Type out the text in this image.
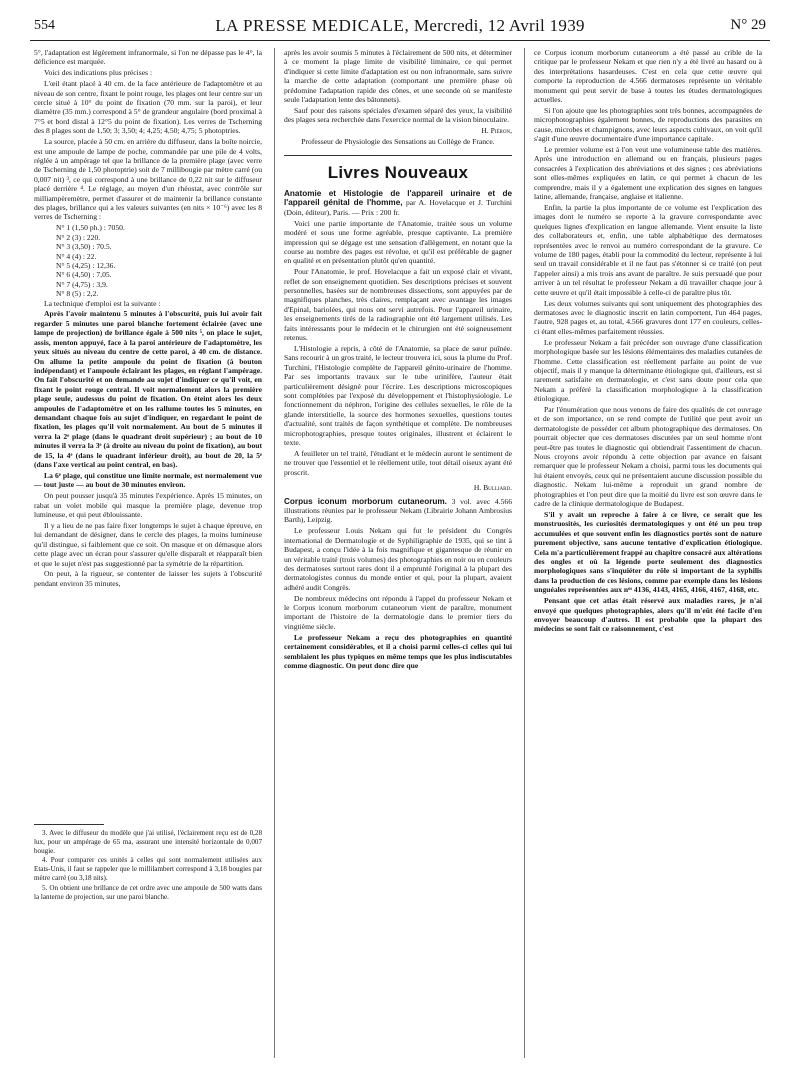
554	LA PRESSE MEDICALE, Mercredi, 12 Avril 1939	N° 29

5°, l'adaptation est légèrement infranormale, si l'on ne dépasse pas le 4°, la déficience est marquée.

Voici des indications plus précises :

L'œil étant placé à 40 cm. de la face antérieure de l'adaptomètre et au niveau de son centre, fixant le point rouge, les plages ont leur centre sur un cercle situé à 10° du point de fixation (70 mm. sur la paroi), et leur diamètre (35 mm.) correspond à 5° de grandeur angulaire (bord proximal à 7°5 et bord distal à 12°5 du point de fixation). Les verres de Tscherning des 8 plages sont de 1,50; 3; 3,50; 4; 4,25; 4,50; 4,75; 5 photoptries.

La source, placée à 50 cm. en arrière du diffuseur, dans la boîte noircie, est une ampoule de lampe de poche, commandée par une pile de 4 volts, réglée à un ampérage tel que la brillance de la première plage (avec verre de Tscherning de 1,50 photoptrie) soit de 7 millibougie par mètre carré (ou 0,007 nit) ³, ce qui correspond à une brillance de 0,22 nit sur le diffuseur placé derrière ⁴. Le réglage, au moyen d'un rhéostat, avec contrôle sur milliampèremètre, permet d'assurer et de maintenir la brillance constante des plages, brillance qui a les valeurs suivantes (en nits × 10⁻⁶) avec les 8 verres de Tscherning :

N° 1 (1,50 ph.) : 7050.
N° 2 (3) : 220.
N° 3 (3,50) : 70.5.
N° 4 (4) : 22.
N° 5 (4,25) : 12,36.
N° 6 (4,50) : 7,05.
N° 7 (4,75) : 3,9.
N° 8 (5) : 2,2.

La technique d'emploi est la suivante :

Après l'avoir maintenu 5 minutes à l'obscurité, puis lui avoir fait regarder 5 minutes une paroi blanche fortement éclairée (avec une lampe de projection) de brillance égale à 500 nits ⁵, on place le sujet, assis, menton appuyé, face à la paroi antérieure de l'adaptomètre, les yeux situés au niveau du centre de cette paroi, à 40 cm. de distance. On allume la petite ampoule du point de fixation (à bouton indépendant) et l'ampoule éclairant les plages, en réglant l'ampérage. On fait l'obscurité et on demande au sujet d'indiquer ce qu'il voit, en fixant le point rouge central. Il voit normalement alors la première plage seule, audessus du point de fixation. On éteint alors les deux ampoules de l'adaptomètre et on les rallume toutes les 5 minutes, en demandant chaque fois au sujet d'indiquer, en regardant le point de fixation, les plages qu'il voit normalement. Au bout de 5 minutes il verra la 2ᵉ plage (dans le quadrant droit supérieur) ; au bout de 10 minutes il verra la 3ᵉ (à droite au niveau du point de fixation), au bout de 15, la 4ᵉ (dans le quadrant inférieur droit), au bout de 20, la 5ᵉ (dans l'axe vertical au point central, en bas).

La 6ᵉ plage, qui constitue une limite normale, est normalement vue — tout juste — au bout de 30 minutes environ.

On peut pousser jusqu'à 35 minutes l'expérience. Après 15 minutes, on rabat un volet mobile qui masque la première plage, devenue trop lumineuse, et qui peut éblouissante.

Il y a lieu de ne pas faire fixer longtemps le sujet à chaque épreuve, en lui demandant de désigner, dans le cercle des plages, la moins lumineuse qu'il distingue, si faiblement que ce soit. On masque et on démasque alors cette plage avec un écran pour s'assurer qu'elle disparaît et réapparaît bien et que le sujet n'est pas suggestionné par la symétrie de la répartition.

On peut, à la rigueur, se contenter de laisser les sujets à l'obscurité pendant environ 35 minutes,

3. Avec le diffuseur du modèle que j'ai utilisé, l'éclairement reçu est de 0,28 lux, pour un ampérage de 65 ma, assurant une intensité horizontale de 0,007 bougie.

4. Pour comparer ces unités à celles qui sont normalement utilisées aux Etats-Unis, il faut se rappeler que le millilambert correspond à 3,18 bougies par mètre carré (ou 3,18 nits).

5. On obtient une brillance de cet ordre avec une ampoule de 500 watts dans la lanterne de projection, sur une paroi blanche.

après les avoir soumis 5 minutes à l'éclairement de 500 nits, et déterminer à ce moment la plage limite de visibilité liminaire, ce qui permet d'indiquer si cette limite d'adaptation est ou non infranormale, sans suivre la marche de cette adaptation (comportant une première phase où prédomine l'adaptation rapide des cônes, et une seconde où se manifeste seule l'adaptation lente des bâtonnets).

Sauf pour des raisons spéciales d'examen séparé des yeux, la visibilité des plages sera recherchée dans l'exercice normal de la vision binoculaire.

H. Piéron,

Professeur de Physiologie des Sensations au Collège de France.

Livres Nouveaux

Anatomie et Histologie de l'appareil urinaire et de l'appareil génital de l'homme, par A. Hovelacque et J. Turchini (Doin, éditeur), Paris. — Prix : 200 fr.

Voici une partie importante de l'Anatomie, traitée sous un volume modéré et sous une forme agréable, presque captivante. La première impression qui se dégage est une sensation d'allègement, en notant que la course au nombre des pages est révolue, et qu'il est préférable de gagner en qualité et en présentation plutôt qu'en quantité.

Pour l'Anatomie, le prof. Hovelacque a fait un exposé clair et vivant, reflet de son enseignement quotidien. Ses descriptions précises et souvent personnelles, basées sur de nombreuses dissections, sont appuyées par de magnifiques planches, très claires, remplaçant avec avantage les images d'Epinal, bariolées, qui nous ont servi autrefois. Pour l'appareil urinaire, les enseignements tirés de la radiographie ont été largement utilisés. Les faits intéressants pour le médecin et le chirurgien ont été soigneusement retenus.

L'Histologie a repris, à côté de l'Anatomie, sa place de sœur puînée. Sans recourir à un gros traité, le lecteur trouvera ici, sous la plume du Prof. Turchini, l'Histologie complète de l'appareil génito-urinaire de l'homme. Par ses importants travaux sur le tube urinifère, l'auteur était particulièrement désigné pour l'écrire. Les descriptions microscopiques sont complétées par l'exposé du développement et l'histophysiologie. Le fonctionnement du néphron, l'origine des cellules sexuelles, le rôle de la glande interstitielle, la source des hormones sexuelles, questions toutes d'actualité, sont traités de façon synthétique et complète. De nombreuses microphotographies, presque toutes originales, illustrent et éclairent le texte.

A feuilleter un tel traité, l'étudiant et le médecin auront le sentiment de ne trouver que l'essentiel et le réellement utile, tout détail oiseux ayant été proscrit.

H. Bulliard.

Corpus iconum morborum cutaneorum. 3 vol. avec 4.566 illustrations réunies par le professeur Nekam (Librairie Johann Ambrosius Barth), Leipzig.

Le professeur Louis Nekam qui fut le président du Congrès international de Dermatologie et de Syphiligraphie de 1935, qui se tint à Budapest, a conçu l'idée à la fois magnifique et gigantesque de réunir en un véritable traité (trois volumes) des photographies en noir ou en couleurs des dermatoses surtout rares dont il a emprunté l'original à la plupart des dermatologistes connus du monde entier et qui, pour la plupart, avaient adhéré audit Congrès.

De nombreux médecins ont répondu à l'appel du professeur Nekam et le Corpus iconum morborum cutaneorum vient de paraître, monument important de l'histoire de la dermatologie dans le premier tiers du vingtième siècle.

Le professeur Nekam a reçu des photographies en quantité certainement considérables, et il a choisi parmi celles-ci celles qui lui semblaient les plus typiques en même temps que les plus indiscutables comme diagnostic. On peut donc dire que

ce Corpus iconum morborum cutaneorum a été passé au crible de la critique par le professeur Nekam et que rien n'y a été livré au hasard ou à des interprétations hasardeuses. C'est en cela que cette œuvre qui comporte la reproduction de 4.566 dermatoses représente un véritable monument qui peut servir de base à toutes les études dermatologiques actuelles.

Si l'on ajoute que les photographies sont très bonnes, accompagnées de microphotographies également bonnes, de reproductions des parasites en cause, microbes et champignons, avec leurs aspects cultivaux, on voit qu'il s'agit d'une œuvre documentaire d'une importance capitale.

Le premier volume est à l'on veut une volumineuse table des matières. Après une introduction en allemand ou en français, plusieurs pages consacrées à l'explication des abréviations et des signes ; ces abréviations sont elles-mêmes expliquées en latin, ce qui permet à chacun de les comprendre, mais il y a également une explication des signes en langues latine, allemande, française, anglaise et italienne.

Enfin, la partie la plus importante de ce volume est l'explication des images dont le numéro se reporte à la gravure correspondante avec quelques lignes d'explication en langue allemande. Vient ensuite la liste des collaborateurs et, enfin, une table alphabétique des dermatoses représentées avec le renvoi au numéro correspondant de la gravure. Ce volume de 180 pages, établi pour la commodité du lecteur, représente à lui seul un travail considérable et il ne faut pas s'étonner si ce traité (on peut l'appeler ainsi) a mis trois ans avant de paraître. Je suis persuadé que pour arriver à un tel résultat le professeur Nekam a dû travailler chaque jour à cette œuvre et qu'il était impossible à celle-ci de paraître plus tôt.

Les deux volumes suivants qui sont uniquement des photographies des dermatoses avec le diagnostic inscrit en latin comportent, l'un 464 pages, l'autre, 928 pages et, au total, 4.566 gravures dont 177 en couleurs, celles-ci étant elles-mêmes parfaitement réussies.

Le professeur Nekam a fait précéder son ouvrage d'une classification morphologique basée sur les lésions élémentaires des maladies cutanées de l'homme. Cette classification est réellement parfaite au point de vue objectif, mais il y manque la déterminante étiologique qui, d'ailleurs, est si rarement satisfaite en dermatologie, et c'est sans doute pour cela que Nekam a préféré la classification morphologique à la classification étiologique.

Par l'énumération que nous venons de faire des qualités de cet ouvrage et de son importance, on se rend compte de l'utilité que peut avoir un dermatologiste de posséder cet album photographique des dermatoses. On pourrait objecter que ces dermatoses discutées par un seul homme n'ont peut-être pas toutes le diagnostic qui obtiendrait l'assentiment de chacun. Nous croyons avoir répondu à cette objection par avance en faisant remarquer que le professeur Nekam a choisi, parmi tous les documents qui lui étaient envoyés, ceux qui ne présentaient aucune discussion possible du diagnostic. Nekam lui-même a reproduit un grand nombre de photographies et l'on peut dire que la moitié du livre est son œuvre dans le cadre de la clinique dermatologique de Budapest.

S'il y avait un reproche à faire à ce livre, ce serait que les monstruosités, les curiosités dermatologiques y ont été un peu trop accumulées et que souvent enfin les diagnostics portés sont de nature purement objective, sans aucune tentative d'explication étiologique. Cela m'a particulièrement frappé au chapitre consacré aux altérations des ongles et où la légende porte seulement des diagnostics morphologiques sans s'inquiéter du rôle si important de la syphilis dans la production de ces lésions, comme par exemple dans les lésions unguéales représentées aux nᵒˢ 4136, 4143, 4165, 4166, 4167, 4168, etc.

Pensant que cet atlas était réservé aux maladies rares, je n'ai envoyé que quelques photographies, alors qu'il m'eût été facile d'en envoyer beaucoup d'autres. Il est probable que la plupart des médecins se sont fait ce raisonnement, c'est
